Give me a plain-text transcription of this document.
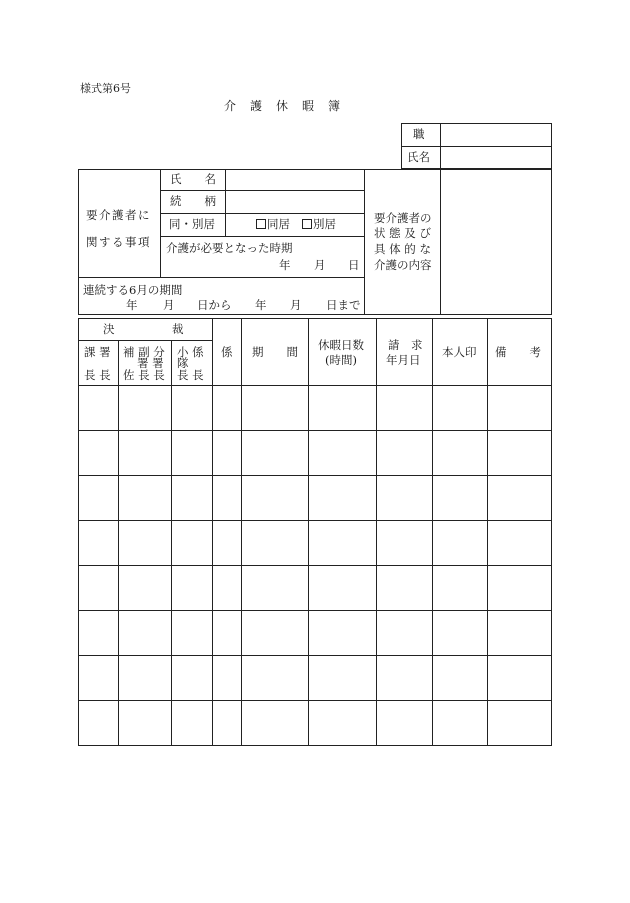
様式第6号
介　護　休　暇　簿
職
氏名
要介護者に
関する事項
氏　　名
続　　柄
同・別居	同居	別居
介護が必要となった時期
年 月 日
要介護者の
状 態 及 び
具 体 的 な
介護の内容
連続する6月の期間
年 月 日から 年 月 日まで
決　　　　　裁
課 署
長 長
補 副 分
署 署
佐 長 長
小 係
隊
長 長
係 期　　間 休暇日数
(時間)
請　求
年月日
本人印 備　　考
